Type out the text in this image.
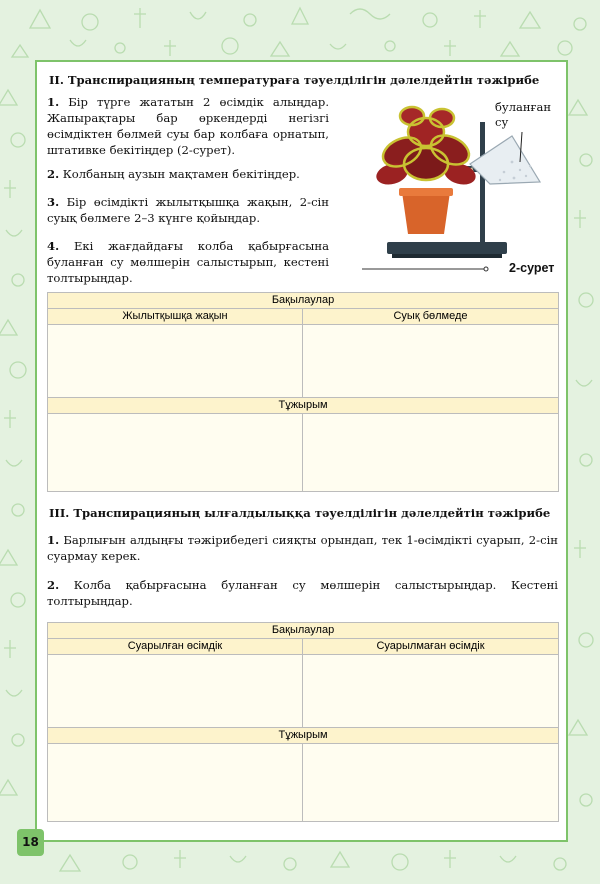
II. Транспирацияның температураға тәуелділігін дәлелдейтін тәжірибе

1. Бір түрге жататын 2 өсімдік алыңдар. Жапырақтары бар өркендерді негізгі өсімдіктен бөлмей суы бар колбаға орнатып, штативке бекітіңдер (2-сурет).

2. Колбаның аузын мақтамен бекітіңдер.

3. Бір өсімдікті жылытқышқа жақын, 2-сін суық бөлмеге 2–3 күнге қойыңдар.

4. Екі жағдайдағы колба қабырғасына буланған су мөлшерін салыстырып, кестені толтырыңдар.

буланған су
2-сурет
Бақылаулар	
Жылытқышқа жақын	Суық бөлмеде

Тұжырым	

III. Транспирацияның ылғалдылыққа тәуелділігін дәлелдейтін тәжірибе

1. Барлығын алдыңғы тәжірибедегі сияқты орындап, тек 1-өсімдікті суарып, 2-сін суармау керек.

2. Колба қабырғасына буланған су мөлшерін салыстырыңдар. Кестені толтырыңдар.

Бақылаулар	
Суарылған өсімдік	Суарылмаған өсімдік

Тұжырым	

18
